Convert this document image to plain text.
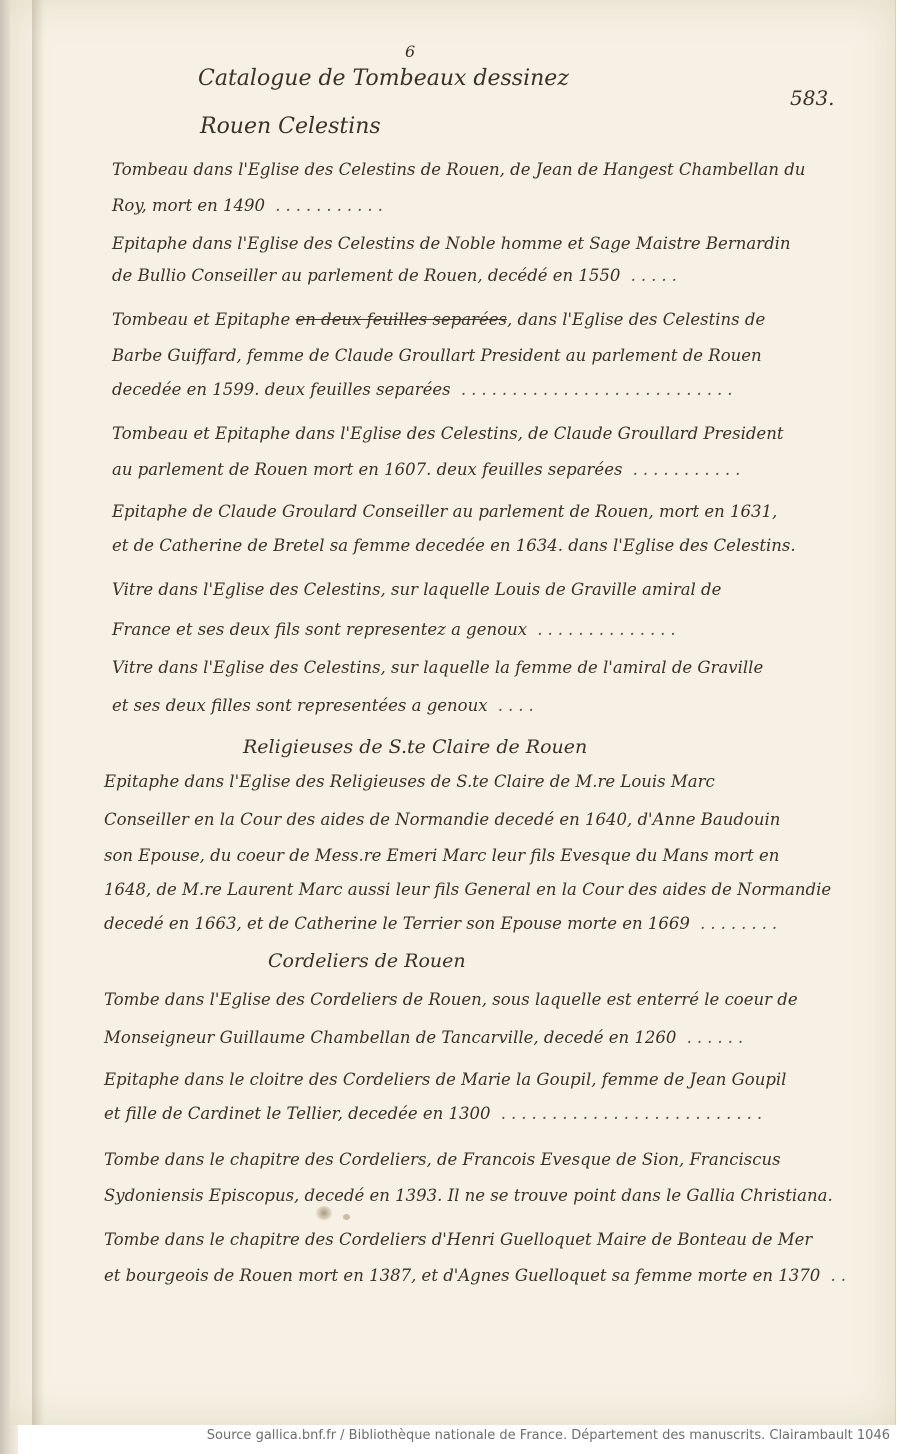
6
Catalogue de Tombeaux dessinez
583.
Rouen Celestins
Tombeau dans l'Eglise des Celestins de Rouen, de Jean de Hangest Chambellan du
Roy, mort en 1490 ...........
Epitaphe dans l'Eglise des Celestins de Noble homme et Sage Maistre Bernardin
de Bullio Conseiller au parlement de Rouen, decédé en 1550 .....
Tombeau et Epitaphe en deux feuilles separées, dans l'Eglise des Celestins de
Barbe Guiffard, femme de Claude Groullart President au parlement de Rouen
decedée en 1599. deux feuilles separées ...........................
Tombeau et Epitaphe dans l'Eglise des Celestins, de Claude Groullard President
au parlement de Rouen mort en 1607. deux feuilles separées ...........
Epitaphe de Claude Groulard Conseiller au parlement de Rouen, mort en 1631,
et de Catherine de Bretel sa femme decedée en 1634. dans l'Eglise des Celestins.
Vitre dans l'Eglise des Celestins, sur laquelle Louis de Graville amiral de
France et ses deux fils sont representez a genoux ..............
Vitre dans l'Eglise des Celestins, sur laquelle la femme de l'amiral de Graville
et ses deux filles sont representées a genoux ....
Religieuses de S.te Claire de Rouen
Epitaphe dans l'Eglise des Religieuses de S.te Claire de M.re Louis Marc
Conseiller en la Cour des aides de Normandie decedé en 1640, d'Anne Baudouin
son Epouse, du coeur de Mess.re Emeri Marc leur fils Evesque du Mans mort en
1648, de M.re Laurent Marc aussi leur fils General en la Cour des aides de Normandie
decedé en 1663, et de Catherine le Terrier son Epouse morte en 1669 ........
Cordeliers de Rouen
Tombe dans l'Eglise des Cordeliers de Rouen, sous laquelle est enterré le coeur de
Monseigneur Guillaume Chambellan de Tancarville, decedé en 1260 ......
Epitaphe dans le cloitre des Cordeliers de Marie la Goupil, femme de Jean Goupil
et fille de Cardinet le Tellier, decedée en 1300 ..........................
Tombe dans le chapitre des Cordeliers, de Francois Evesque de Sion, Franciscus
Sydoniensis Episcopus, decedé en 1393. Il ne se trouve point dans le Gallia Christiana.
Tombe dans le chapitre des Cordeliers d'Henri Guelloquet Maire de Bonteau de Mer
et bourgeois de Rouen mort en 1387, et d'Agnes Guelloquet sa femme morte en 1370 ..
Source gallica.bnf.fr / Bibliothèque nationale de France. Département des manuscrits. Clairambault 1046
